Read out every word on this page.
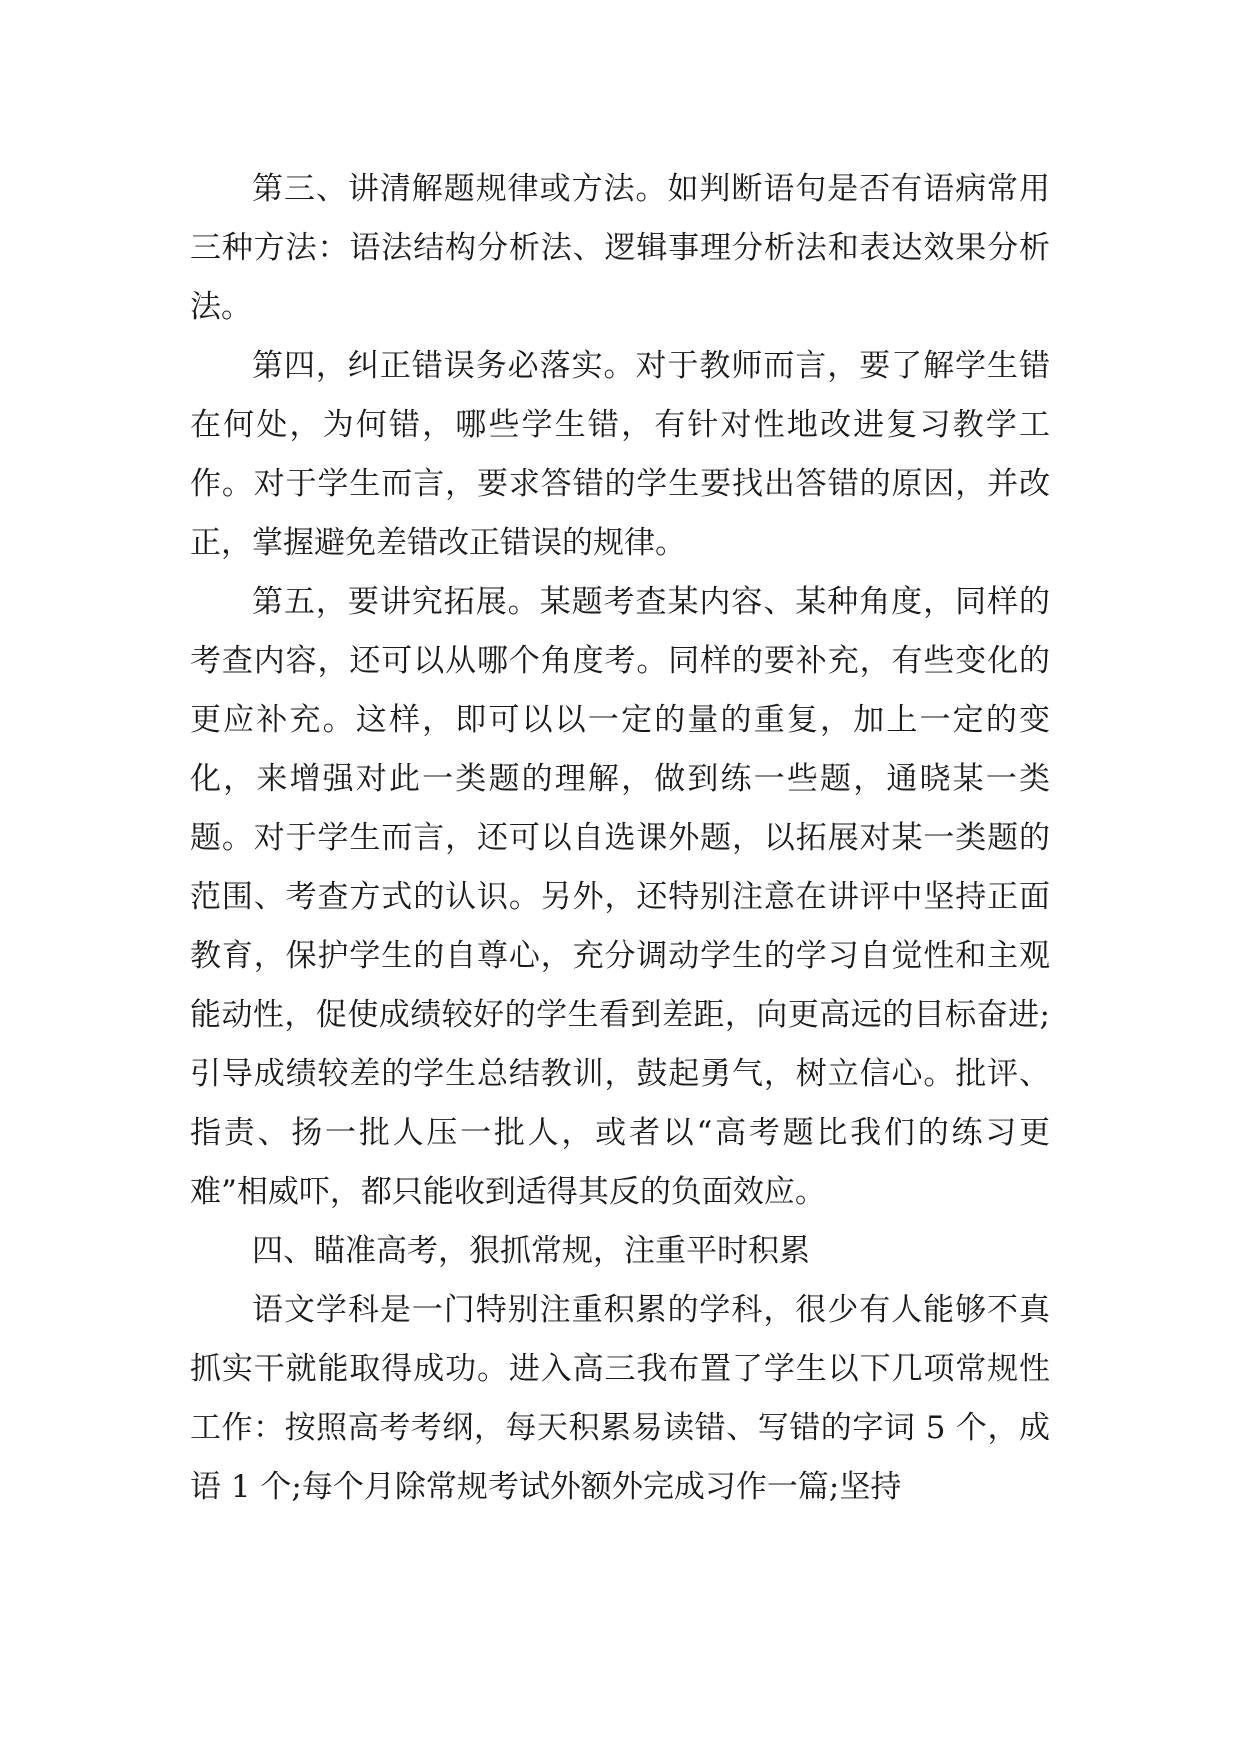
第三、讲清解题规律或方法。如判断语句是否有语病常用三种方法：语法结构分析法、逻辑事理分析法和表达效果分析法。

第四，纠正错误务必落实。对于教师而言，要了解学生错在何处，为何错，哪些学生错，有针对性地改进复习教学工作。对于学生而言，要求答错的学生要找出答错的原因，并改正，掌握避免差错改正错误的规律。

第五，要讲究拓展。某题考查某内容、某种角度，同样的考查内容，还可以从哪个角度考。同样的要补充，有些变化的更应补充。这样，即可以以一定的量的重复，加上一定的变化，来增强对此一类题的理解，做到练一些题，通晓某一类题。对于学生而言，还可以自选课外题，以拓展对某一类题的范围、考查方式的认识。另外，还特别注意在讲评中坚持正面教育，保护学生的自尊心，充分调动学生的学习自觉性和主观能动性，促使成绩较好的学生看到差距，向更高远的目标奋进;引导成绩较差的学生总结教训，鼓起勇气，树立信心。批评、指责、扬一批人压一批人，或者以“高考题比我们的练习更难”相威吓，都只能收到适得其反的负面效应。

四、瞄准高考，狠抓常规，注重平时积累

语文学科是一门特别注重积累的学科，很少有人能够不真抓实干就能取得成功。进入高三我布置了学生以下几项常规性工作：按照高考考纲，每天积累易读错、写错的字词 5 个，成语 1 个;每个月除常规考试外额外完成习作一篇;坚持
